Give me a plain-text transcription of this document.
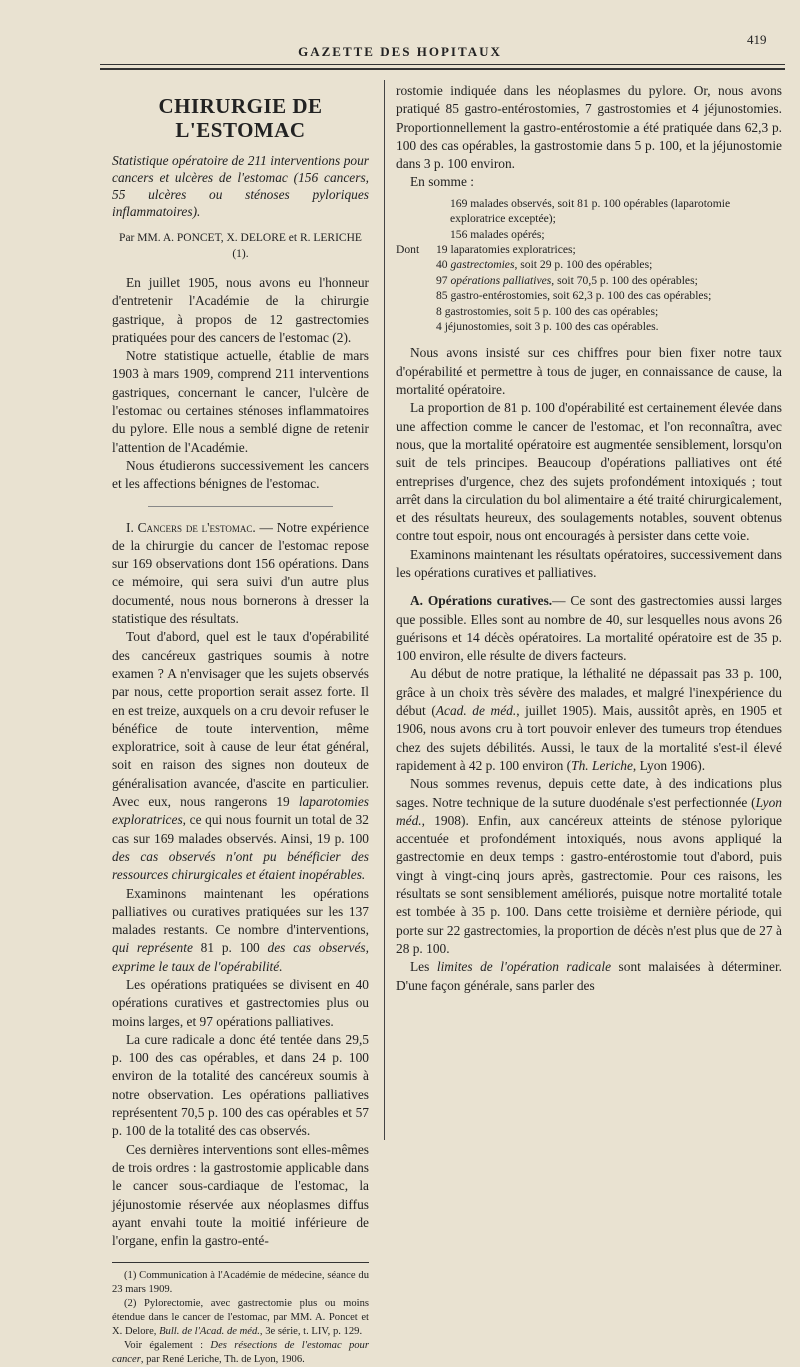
GAZETTE DES HOPITAUX
419
CHIRURGIE DE L'ESTOMAC

Statistique opératoire de 211 interventions pour cancers et ulcères de l'estomac (156 cancers, 55 ulcères ou sténoses pyloriques inflammatoires).

Par MM. A. PONCET, X. DELORE et R. LERICHE (1).

En juillet 1905, nous avons eu l'honneur d'entretenir l'Académie de la chirurgie gastrique, à propos de 12 gastrectomies pratiquées pour des cancers de l'estomac (2).

Notre statistique actuelle, établie de mars 1903 à mars 1909, comprend 211 interventions gastriques, concernant le cancer, l'ulcère de l'estomac ou certaines sténoses inflammatoires du pylore. Elle nous a semblé digne de retenir l'attention de l'Académie.

Nous étudierons successivement les cancers et les affections bénignes de l'estomac.

I. Cancers de l'estomac. — Notre expérience de la chirurgie du cancer de l'estomac repose sur 169 observations dont 156 opérations. Dans ce mémoire, qui sera suivi d'un autre plus documenté, nous nous bornerons à dresser la statistique des résultats.

Tout d'abord, quel est le taux d'opérabilité des cancéreux gastriques soumis à notre examen ? A n'envisager que les sujets observés par nous, cette proportion serait assez forte. Il en est treize, auxquels on a cru devoir refuser le bénéfice de toute intervention, même exploratrice, soit à cause de leur état général, soit en raison des signes non douteux de généralisation avancée, d'ascite en particulier. Avec eux, nous rangerons 19 laparotomies exploratrices, ce qui nous fournit un total de 32 cas sur 169 malades observés. Ainsi, 19 p. 100 des cas observés n'ont pu bénéficier des ressources chirurgicales et étaient inopérables.

Examinons maintenant les opérations palliatives ou curatives pratiquées sur les 137 malades restants. Ce nombre d'interventions, qui représente 81 p. 100 des cas observés, exprime le taux de l'opérabilité.

Les opérations pratiquées se divisent en 40 opérations curatives et gastrectomies plus ou moins larges, et 97 opérations palliatives.

La cure radicale a donc été tentée dans 29,5 p. 100 des cas opérables, et dans 24 p. 100 environ de la totalité des cancéreux soumis à notre observation. Les opérations palliatives représentent 70,5 p. 100 des cas opérables et 57 p. 100 de la totalité des cas observés.

Ces dernières interventions sont elles-mêmes de trois ordres : la gastrostomie applicable dans le cancer sous-cardiaque de l'estomac, la jéjunostomie réservée aux néoplasmes diffus ayant envahi toute la moitié inférieure de l'organe, enfin la gastro-enté-

(1) Communication à l'Académie de médecine, séance du 23 mars 1909.

(2) Pylorectomie, avec gastrectomie plus ou moins étendue dans le cancer de l'estomac, par MM. A. Poncet et X. Delore, Bull. de l'Acad. de méd., 3e série, t. LIV, p. 129.

Voir également : Des résections de l'estomac pour cancer, par René Leriche, Th. de Lyon, 1906.

rostomie indiquée dans les néoplasmes du pylore. Or, nous avons pratiqué 85 gastro-entérostomies, 7 gastrostomies et 4 jéjunostomies. Proportionnellement la gastro-entérostomie a été pratiquée dans 62,3 p. 100 des cas opérables, la gastrostomie dans 5 p. 100, et la jéjunostomie dans 3 p. 100 environ.

En somme :

169 malades observés, soit 81 p. 100 opérables (laparotomie exploratrice exceptée);
156 malades opérés;
Dont	19 laparatomies exploratrices;
40 gastrectomies, soit 29 p. 100 des opérables;
97 opérations palliatives, soit 70,5 p. 100 des opérables;
85 gastro-entérostomies, soit 62,3 p. 100 des cas opérables;
8 gastrostomies, soit 5 p. 100 des cas opérables;
4 jéjunostomies, soit 3 p. 100 des cas opérables.

Nous avons insisté sur ces chiffres pour bien fixer notre taux d'opérabilité et permettre à tous de juger, en connaissance de cause, la mortalité opératoire.

La proportion de 81 p. 100 d'opérabilité est certainement élevée dans une affection comme le cancer de l'estomac, et l'on reconnaîtra, avec nous, que la mortalité opératoire est augmentée sensiblement, lorsqu'on suit de tels principes. Beaucoup d'opérations palliatives ont été entreprises d'urgence, chez des sujets profondément intoxiqués ; tout arrêt dans la circulation du bol alimentaire a été traité chirurgicalement, et des résultats heureux, des soulagements notables, souvent obtenus contre tout espoir, nous ont encouragés à persister dans cette voie.

Examinons maintenant les résultats opératoires, successivement dans les opérations curatives et palliatives.

A. Opérations curatives.— Ce sont des gastrectomies aussi larges que possible. Elles sont au nombre de 40, sur lesquelles nous avons 26 guérisons et 14 décès opératoires. La mortalité opératoire est de 35 p. 100 environ, elle résulte de divers facteurs.

Au début de notre pratique, la léthalité ne dépassait pas 33 p. 100, grâce à un choix très sévère des malades, et malgré l'inexpérience du début (Acad. de méd., juillet 1905). Mais, aussitôt après, en 1905 et 1906, nous avons cru à tort pouvoir enlever des tumeurs trop étendues chez des sujets débilités. Aussi, le taux de la mortalité s'est-il élevé rapidement à 42 p. 100 environ (Th. Leriche, Lyon 1906).

Nous sommes revenus, depuis cette date, à des indications plus sages. Notre technique de la suture duodénale s'est perfectionnée (Lyon méd., 1908). Enfin, aux cancéreux atteints de sténose pylorique accentuée et profondément intoxiqués, nous avons appliqué la gastrectomie en deux temps : gastro-entérostomie tout d'abord, puis vingt à vingt-cinq jours après, gastrectomie. Pour ces raisons, les résultats se sont sensiblement améliorés, puisque notre mortalité totale est tombée à 35 p. 100. Dans cette troisième et dernière période, qui porte sur 22 gastrectomies, la proportion de décès n'est plus que de 27 à 28 p. 100.

Les limites de l'opération radicale sont malaisées à déterminer. D'une façon générale, sans parler des
